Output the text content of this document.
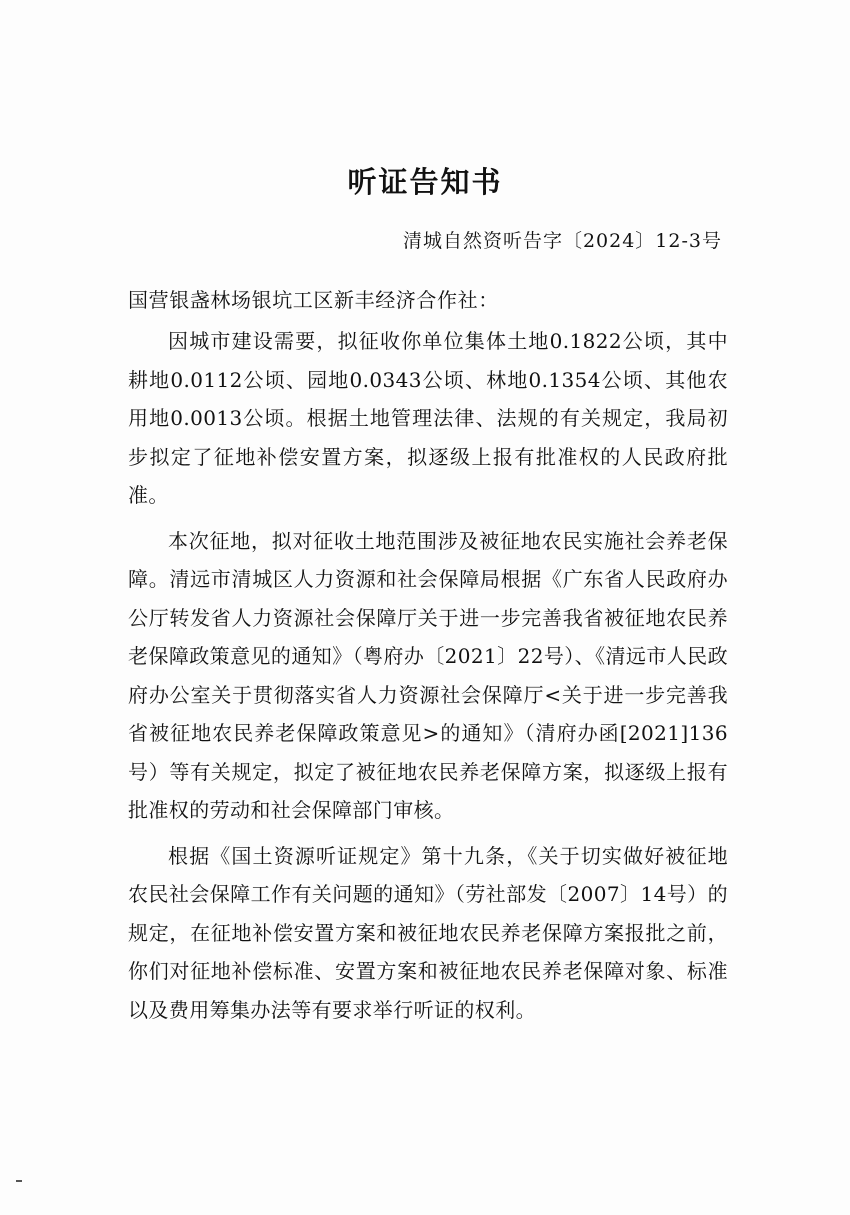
听证告知书
清城自然资听告字〔2024〕12-3号
国营银盏林场银坑工区新丰经济合作社：

因城市建设需要，拟征收你单位集体土地0.1822公顷，其中耕地0.0112公顷、园地0.0343公顷、林地0.1354公顷、其他农用地0.0013公顷。根据土地管理法律、法规的有关规定，我局初步拟定了征地补偿安置方案，拟逐级上报有批准权的人民政府批准。

本次征地，拟对征收土地范围涉及被征地农民实施社会养老保障。清远市清城区人力资源和社会保障局根据《广东省人民政府办公厅转发省人力资源社会保障厅关于进一步完善我省被征地农民养老保障政策意见的通知》（粤府办〔2021〕22号）、《清远市人民政府办公室关于贯彻落实省人力资源社会保障厅<关于进一步完善我省被征地农民养老保障政策意见>的通知》（清府办函[2021]136号）等有关规定，拟定了被征地农民养老保障方案，拟逐级上报有批准权的劳动和社会保障部门审核。

根据《国土资源听证规定》第十九条，《关于切实做好被征地农民社会保障工作有关问题的通知》（劳社部发〔2007〕14号）的规定，在征地补偿安置方案和被征地农民养老保障方案报批之前，你们对征地补偿标准、安置方案和被征地农民养老保障对象、标准以及费用筹集办法等有要求举行听证的权利。
